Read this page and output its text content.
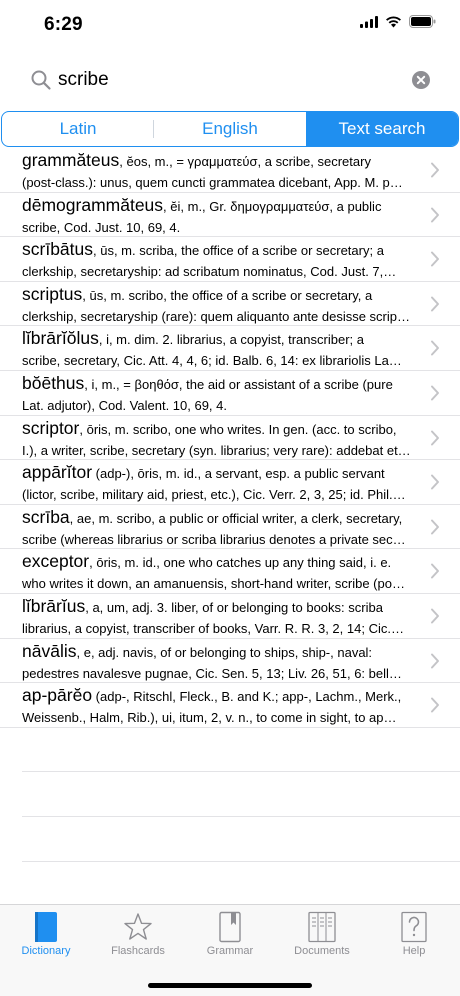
6:29
scribe
Latin	English	Text search
grammăteus, ĕos, m., = γραμματεύσ, a scribe, secretary
(post-class.): unus, quem cuncti grammatea dicebant, App. M. p…
dēmogrammăteus, ĕi, m., Gr. δημογραμματεύσ, a public
scribe, Cod. Just. 10, 69, 4.
scrībātus, ūs, m. scriba, the office of a scribe or secretary; a
clerkship, secretaryship: ad scribatum nominatus, Cod. Just. 7,…
scriptus, ūs, m. scribo, the office of a scribe or secretary, a
clerkship, secretaryship (rare): quem aliquanto ante desisse scrip…
lĭbrārĭŏlus, i, m. dim. 2. librarius, a copyist, transcriber; a
scribe, secretary, Cic. Att. 4, 4, 6; id. Balb. 6, 14: ex librariolis La…
bŏēthus, i, m., = βοηθόσ, the aid or assistant of a scribe (pure
Lat. adjutor), Cod. Valent. 10, 69, 4.
scriptor, ōris, m. scribo, one who writes. In gen. (acc. to scribo,
I.), a writer, scribe, secretary (syn. librarius; very rare): addebat et…
appārĭtor (adp-), ōris, m. id., a servant, esp. a public servant
(lictor, scribe, military aid, priest, etc.), Cic. Verr. 2, 3, 25; id. Phil.…
scrība, ae, m. scribo, a public or official writer, a clerk, secretary,
scribe (whereas librarius or scriba librarius denotes a private sec…
exceptor, ōris, m. id., one who catches up any thing said, i. e.
who writes it down, an amanuensis, short-hand writer, scribe (po…
lĭbrārĭus, a, um, adj. 3. liber, of or belonging to books: scriba
librarius, a copyist, transcriber of books, Varr. R. R. 3, 2, 14; Cic.…
nāvālis, e, adj. navis, of or belonging to ships, ship-, naval:
pedestres navalesve pugnae, Cic. Sen. 5, 13; Liv. 26, 51, 6: bell…
ap-pārĕo (adp-, Ritschl, Fleck., B. and K.; app-, Lachm., Merk.,
Weissenb., Halm, Rib.), ui, itum, 2, v. n., to come in sight, to ap…
Dictionary	Flashcards	Grammar	Documents	Help
